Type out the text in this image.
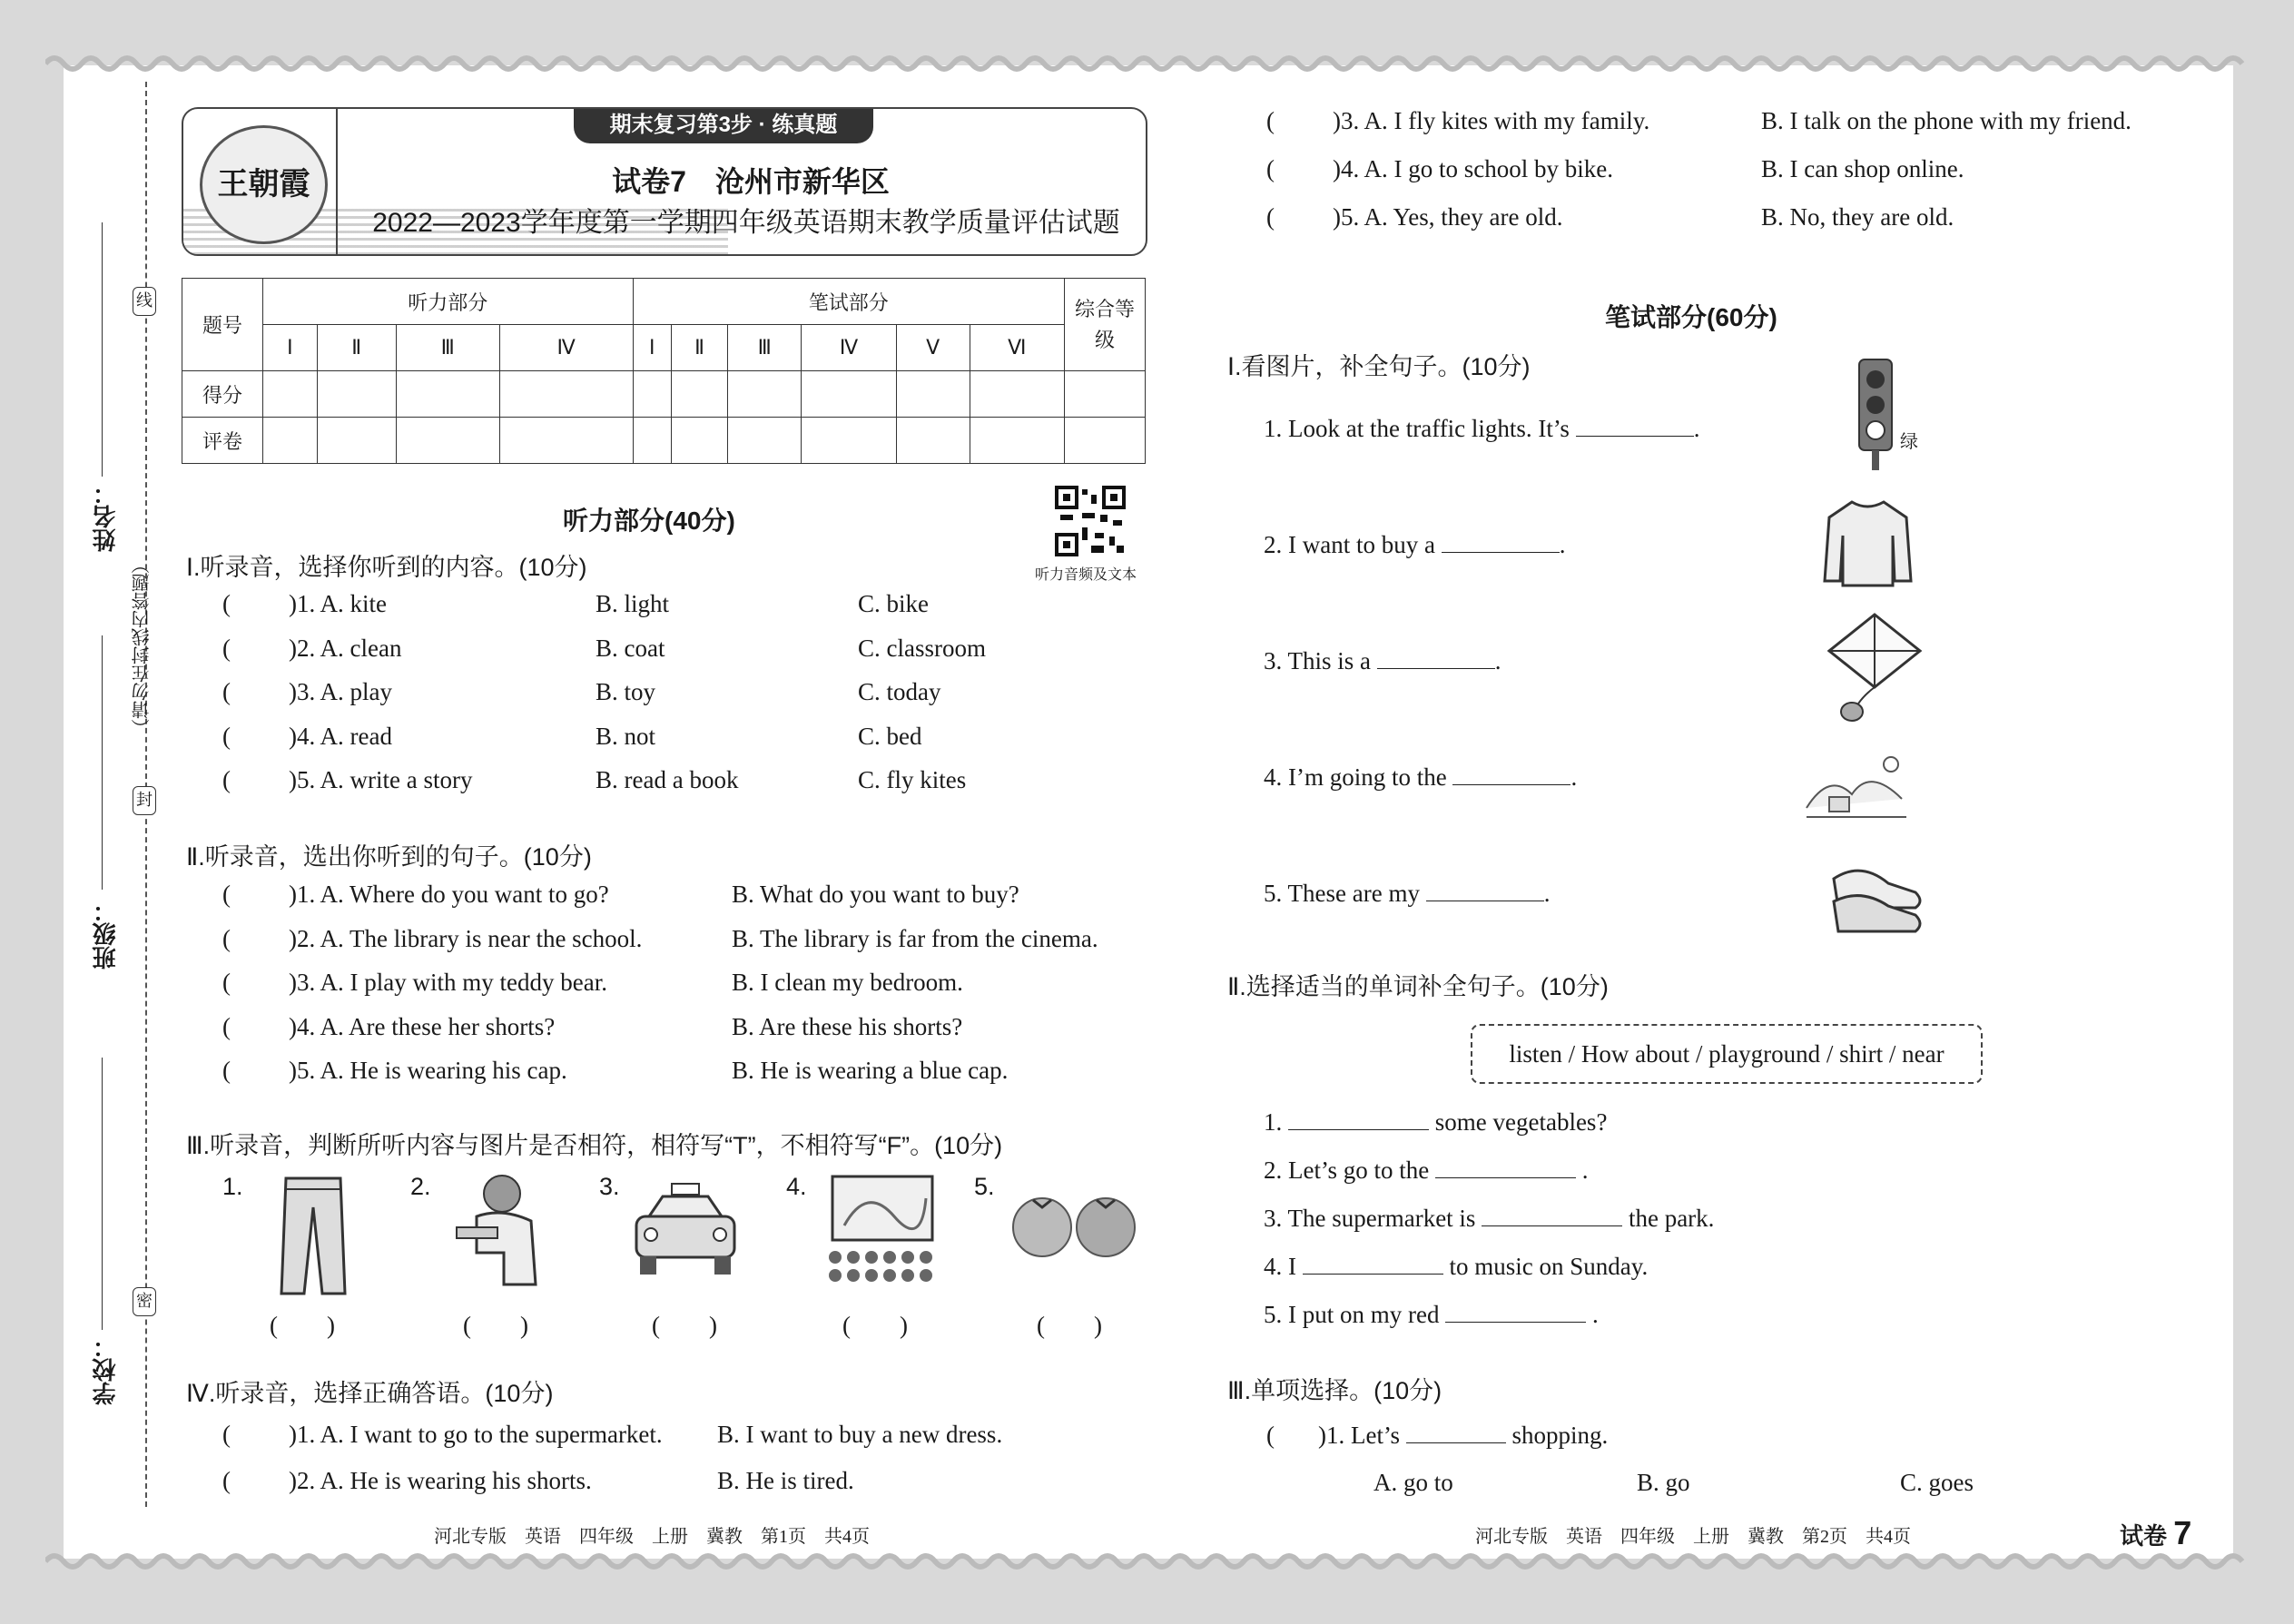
线
封
密
（请勿在封线内答题）
姓名：
班级：
学校：
期末复习第3步 · 练真题
王朝霞	试卷7　沧州市新华区
2022—2023学年度第一学期四年级英语期末教学质量评估试题
题号	听力部分				笔试部分						综合等级
	Ⅰ	Ⅱ	Ⅲ	Ⅳ	Ⅰ	Ⅱ	Ⅲ	Ⅳ	Ⅴ	Ⅵ	
得分											
评卷											
听力部分(40分)
听力音频及文本
Ⅰ.听录音，选择你听到的内容。(10分)
( )1. A. kite	B. light	C. bike
( )2. A. clean	B. coat	C. classroom
( )3. A. play	B. toy	C. today
( )4. A. read	B. not	C. bed
( )5. A. write a story	B. read a book	C. fly kites
Ⅱ.听录音，选出你听到的句子。(10分)
( )1. A. Where do you want to go?	B. What do you want to buy?
( )2. A. The library is near the school.	B. The library is far from the cinema.
( )3. A. I play with my teddy bear.	B. I clean my bedroom.
( )4. A. Are these her shorts?	B. Are these his shorts?
( )5. A. He is wearing his cap.	B. He is wearing a blue cap.
Ⅲ.听录音，判断所听内容与图片是否相符，相符写“T”，不相符写“F”。(10分)
1.	2.	3.	4.	5.
(　　)	(　　)	(　　)	(　　)	(　　)
Ⅳ.听录音，选择正确答语。(10分)
( )1. A. I want to go to the supermarket. B. I want to buy a new dress.
( )2. A. He is wearing his shorts.	B. He is tired.
( )3. A. I fly kites with my family.	B. I talk on the phone with my friend.
( )4. A. I go to school by bike.	B. I can shop online.
( )5. A. Yes, they are old.	B. No, they are old.
笔试部分(60分)
Ⅰ.看图片，补全句子。(10分)
1. Look at the traffic lights. It’s	.
2. I want to buy a	.
3. This is a	.
4. I’m going to the	.
5. These are my	.
绿
Ⅱ.选择适当的单词补全句子。(10分)
listen / How about / playground / shirt / near
1.	some vegetables?
2. Let’s go to the	.
3. The supermarket is	the park.
4. I	to music on Sunday.
5. I put on my red	.
Ⅲ.单项选择。(10分)
( )1. Let’s	shopping.
A. go to	B. go	C. goes
河北专版　英语　四年级　上册　冀教　第1页　共4页	河北专版　英语　四年级　上册　冀教　第2页　共4页	试卷 7
